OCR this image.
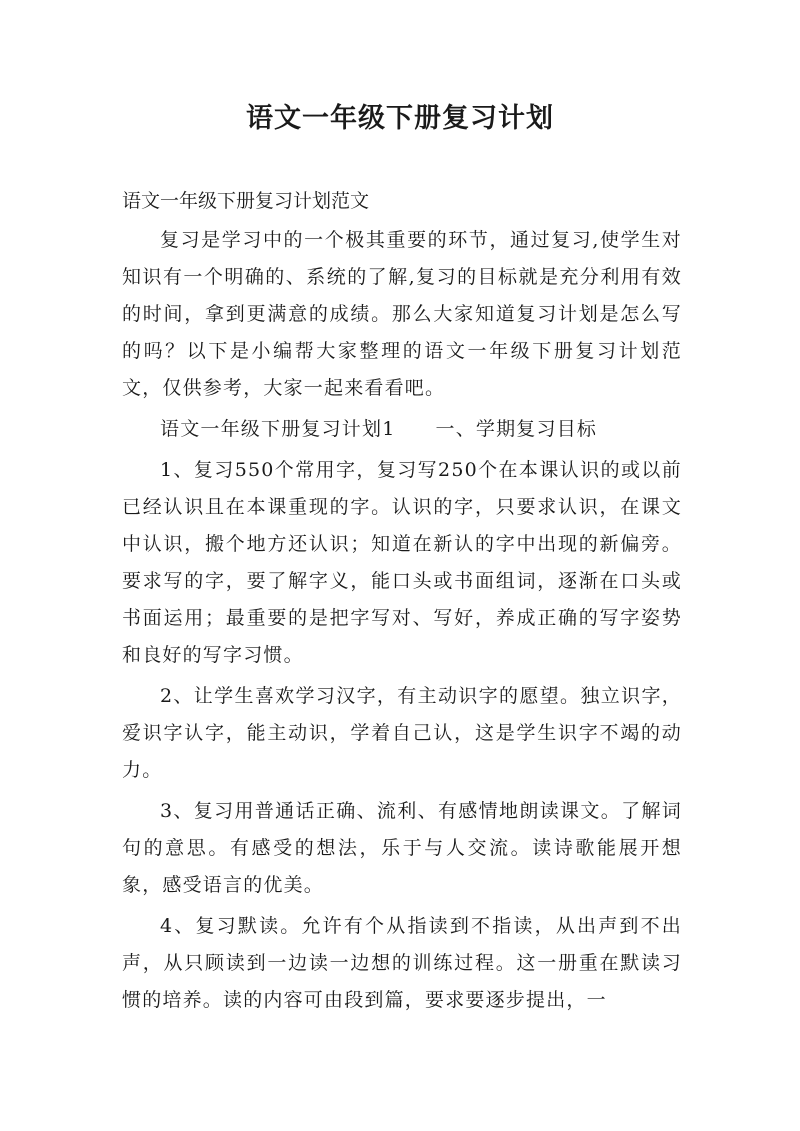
语文一年级下册复习计划

语文一年级下册复习计划范文

复习是学习中的一个极其重要的环节，通过复习,使学生对知识有一个明确的、系统的了解,复习的目标就是充分利用有效的时间，拿到更满意的成绩。那么大家知道复习计划是怎么写的吗？以下是小编帮大家整理的语文一年级下册复习计划范文，仅供参考，大家一起来看看吧。

语文一年级下册复习计划1 一、学期复习目标

1、复习550个常用字，复习写250个在本课认识的或以前已经认识且在本课重现的字。认识的字，只要求认识，在课文中认识，搬个地方还认识；知道在新认的字中出现的新偏旁。要求写的字，要了解字义，能口头或书面组词，逐渐在口头或书面运用；最重要的是把字写对、写好，养成正确的写字姿势和良好的写字习惯。

2、让学生喜欢学习汉字，有主动识字的愿望。独立识字，爱识字认字，能主动识，学着自己认，这是学生识字不竭的动力。

3、复习用普通话正确、流利、有感情地朗读课文。了解词句的意思。有感受的想法，乐于与人交流。读诗歌能展开想象，感受语言的优美。

4、复习默读。允许有个从指读到不指读，从出声到不出声，从只顾读到一边读一边想的训练过程。这一册重在默读习惯的培养。读的内容可由段到篇，要求要逐步提出，一
